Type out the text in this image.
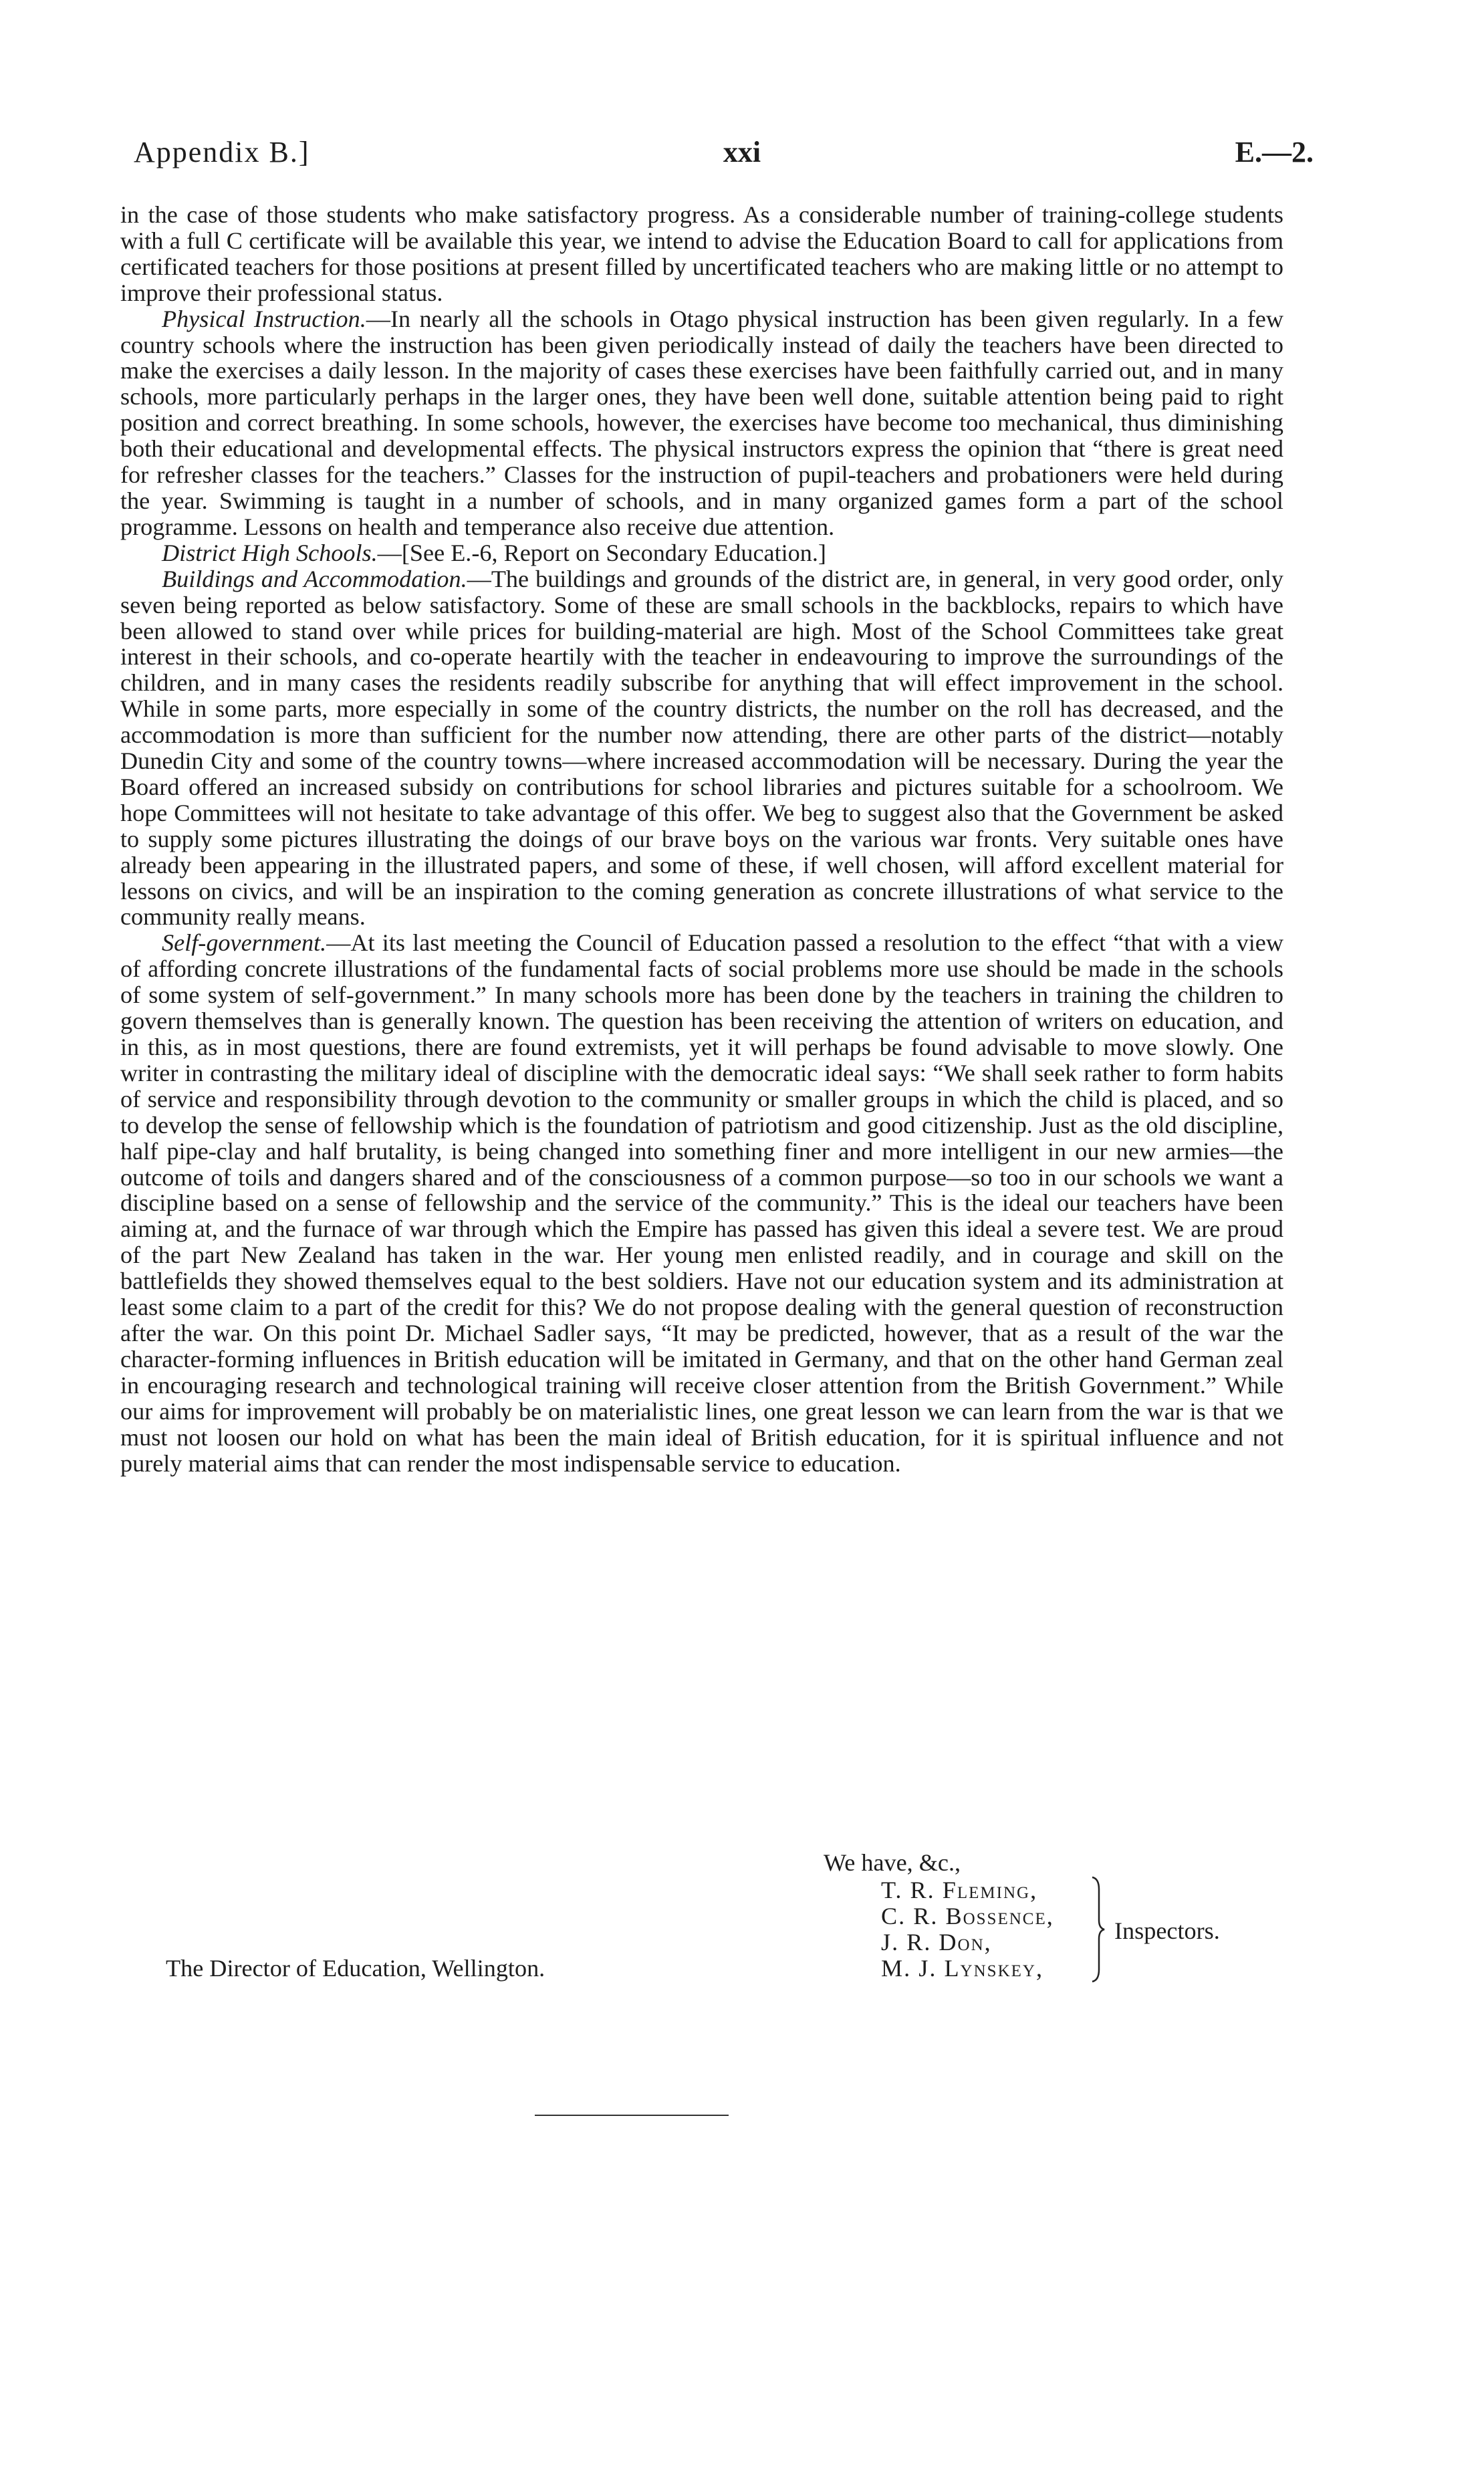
Appendix B.]	xxi	E.—2.

in the case of those students who make satisfactory progress. As a considerable number of training-college students with a full C certificate will be available this year, we intend to advise the Education Board to call for applications from certificated teachers for those positions at present filled by uncertificated teachers who are making little or no attempt to improve their professional status.

Physical Instruction.—In nearly all the schools in Otago physical instruction has been given regularly. In a few country schools where the instruction has been given periodically instead of daily the teachers have been directed to make the exercises a daily lesson. In the majority of cases these exercises have been faithfully carried out, and in many schools, more particularly perhaps in the larger ones, they have been well done, suitable attention being paid to right position and correct breathing. In some schools, however, the exercises have become too mechanical, thus diminishing both their educational and developmental effects. The physical instructors express the opinion that “there is great need for refresher classes for the teachers.” Classes for the instruction of pupil-teachers and probationers were held during the year. Swimming is taught in a number of schools, and in many organized games form a part of the school programme. Lessons on health and temperance also receive due attention.

District High Schools.—[See E.-6, Report on Secondary Education.]

Buildings and Accommodation.—The buildings and grounds of the district are, in general, in very good order, only seven being reported as below satisfactory. Some of these are small schools in the backblocks, repairs to which have been allowed to stand over while prices for building-material are high. Most of the School Committees take great interest in their schools, and co-operate heartily with the teacher in endeavouring to improve the surroundings of the children, and in many cases the residents readily subscribe for anything that will effect improvement in the school. While in some parts, more especially in some of the country districts, the number on the roll has decreased, and the accommodation is more than sufficient for the number now attending, there are other parts of the district—notably Dunedin City and some of the country towns—where increased accommodation will be necessary. During the year the Board offered an increased subsidy on contributions for school libraries and pictures suitable for a schoolroom. We hope Committees will not hesitate to take advantage of this offer. We beg to suggest also that the Government be asked to supply some pictures illustrating the doings of our brave boys on the various war fronts. Very suitable ones have already been appearing in the illustrated papers, and some of these, if well chosen, will afford excellent material for lessons on civics, and will be an inspiration to the coming generation as concrete illustrations of what service to the community really means.

Self-government.—At its last meeting the Council of Education passed a resolution to the effect “that with a view of affording concrete illustrations of the fundamental facts of social problems more use should be made in the schools of some system of self-government.” In many schools more has been done by the teachers in training the children to govern themselves than is generally known. The question has been receiving the attention of writers on education, and in this, as in most questions, there are found extremists, yet it will perhaps be found advisable to move slowly. One writer in contrasting the military ideal of discipline with the democratic ideal says: “We shall seek rather to form habits of service and responsibility through devotion to the community or smaller groups in which the child is placed, and so to develop the sense of fellowship which is the foundation of patriotism and good citizenship. Just as the old discipline, half pipe-clay and half brutality, is being changed into something finer and more intelligent in our new armies—the outcome of toils and dangers shared and of the consciousness of a common purpose—so too in our schools we want a discipline based on a sense of fellowship and the service of the community.” This is the ideal our teachers have been aiming at, and the furnace of war through which the Empire has passed has given this ideal a severe test. We are proud of the part New Zealand has taken in the war. Her young men enlisted readily, and in courage and skill on the battlefields they showed themselves equal to the best soldiers. Have not our education system and its administration at least some claim to a part of the credit for this? We do not propose dealing with the general question of reconstruction after the war. On this point Dr. Michael Sadler says, “It may be predicted, however, that as a result of the war the character-forming influences in British education will be imitated in Germany, and that on the other hand German zeal in encouraging research and technological training will receive closer attention from the British Government.” While our aims for improvement will probably be on materialistic lines, one great lesson we can learn from the war is that we must not loosen our hold on what has been the main ideal of British education, for it is spiritual influence and not purely material aims that can render the most indispensable service to education.

We have, &c.,
T. R. Fleming,
C. R. Bossence,
J. R. Don,
M. J. Lynskey,
Inspectors.
The Director of Education, Wellington.
